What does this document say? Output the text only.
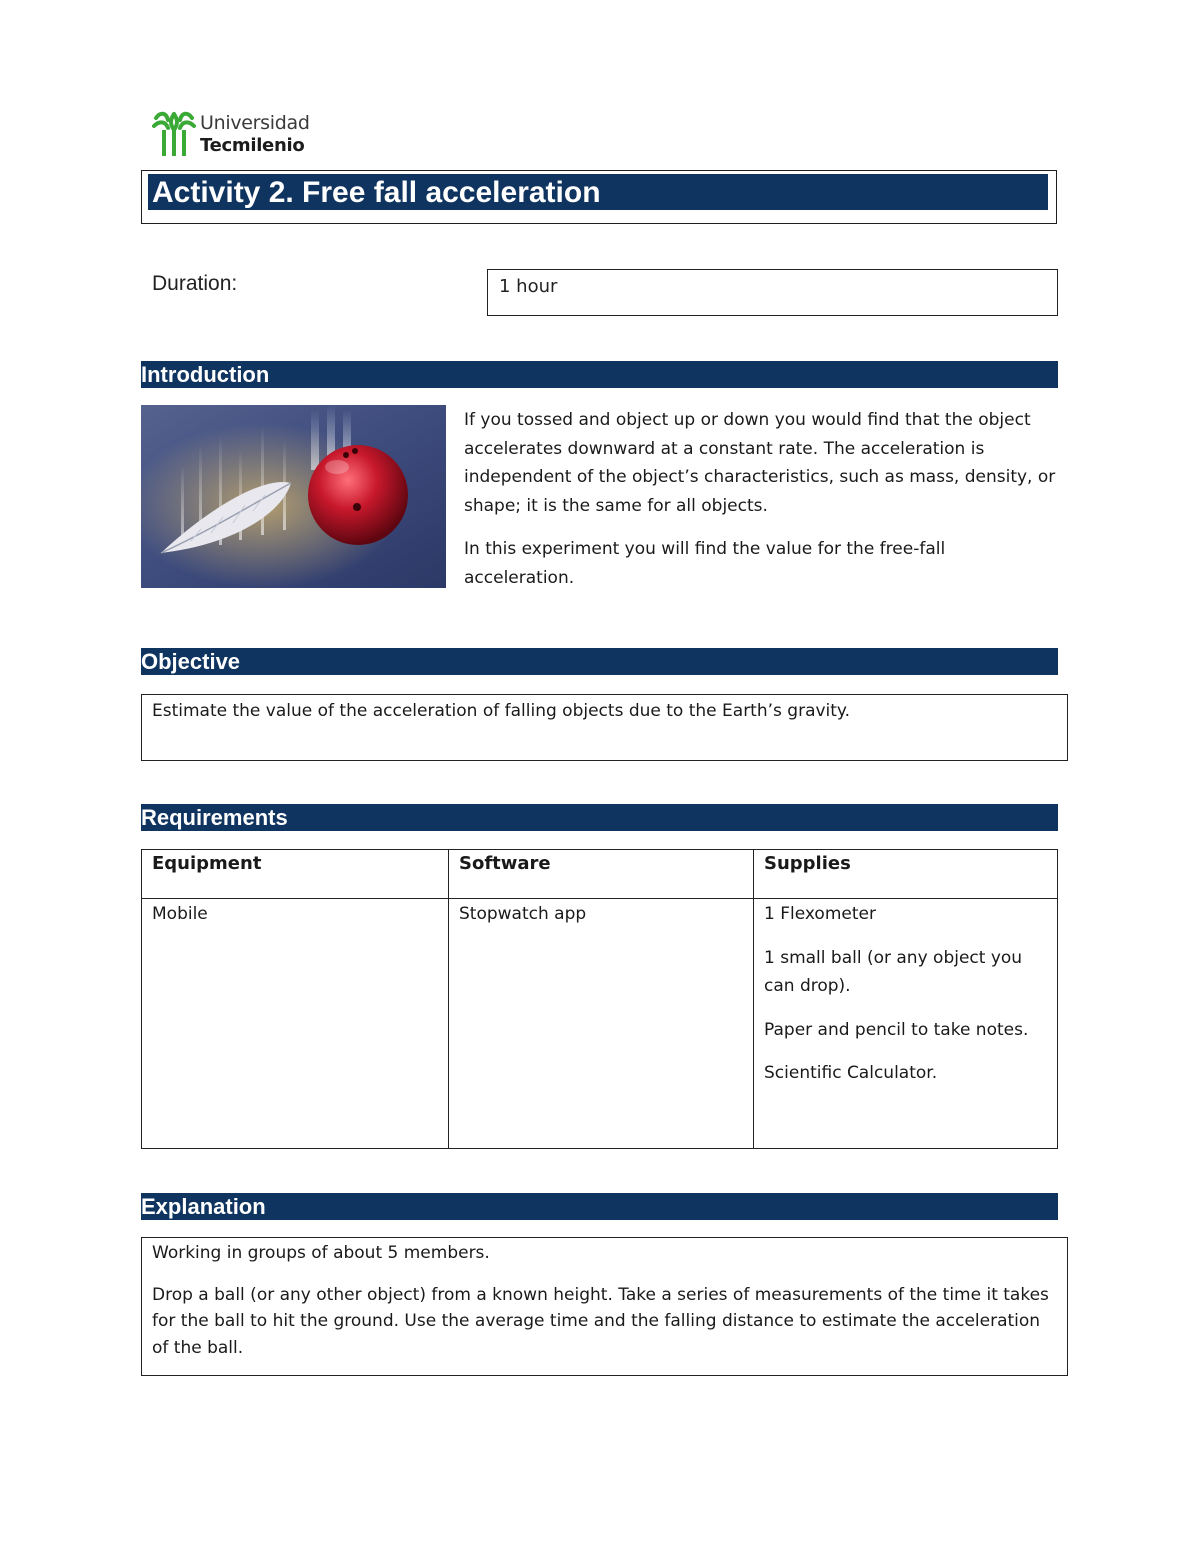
Universidad
Tecmilenio
Activity 2. Free fall acceleration
Duration:	1 hour
Introduction

If you tossed and object up or down you would find that the object accelerates downward at a constant rate. The acceleration is independent of the object’s characteristics, such as mass, density, or shape; it is the same for all objects.

In this experiment you will find the value for the free-fall acceleration.

Objective
Estimate the value of the acceleration of falling objects due to the Earth’s gravity.
Requirements
Equipment	Software	Supplies

Mobile	Stopwatch app	1 Flexometer

1 small ball (or any object you can drop).

Paper and pencil to take notes.

Scientific Calculator.

Explanation

Working in groups of about 5 members.

Drop a ball (or any other object) from a known height. Take a series of measurements of the time it takes for the ball to hit the ground. Use the average time and the falling distance to estimate the acceleration of the ball.
